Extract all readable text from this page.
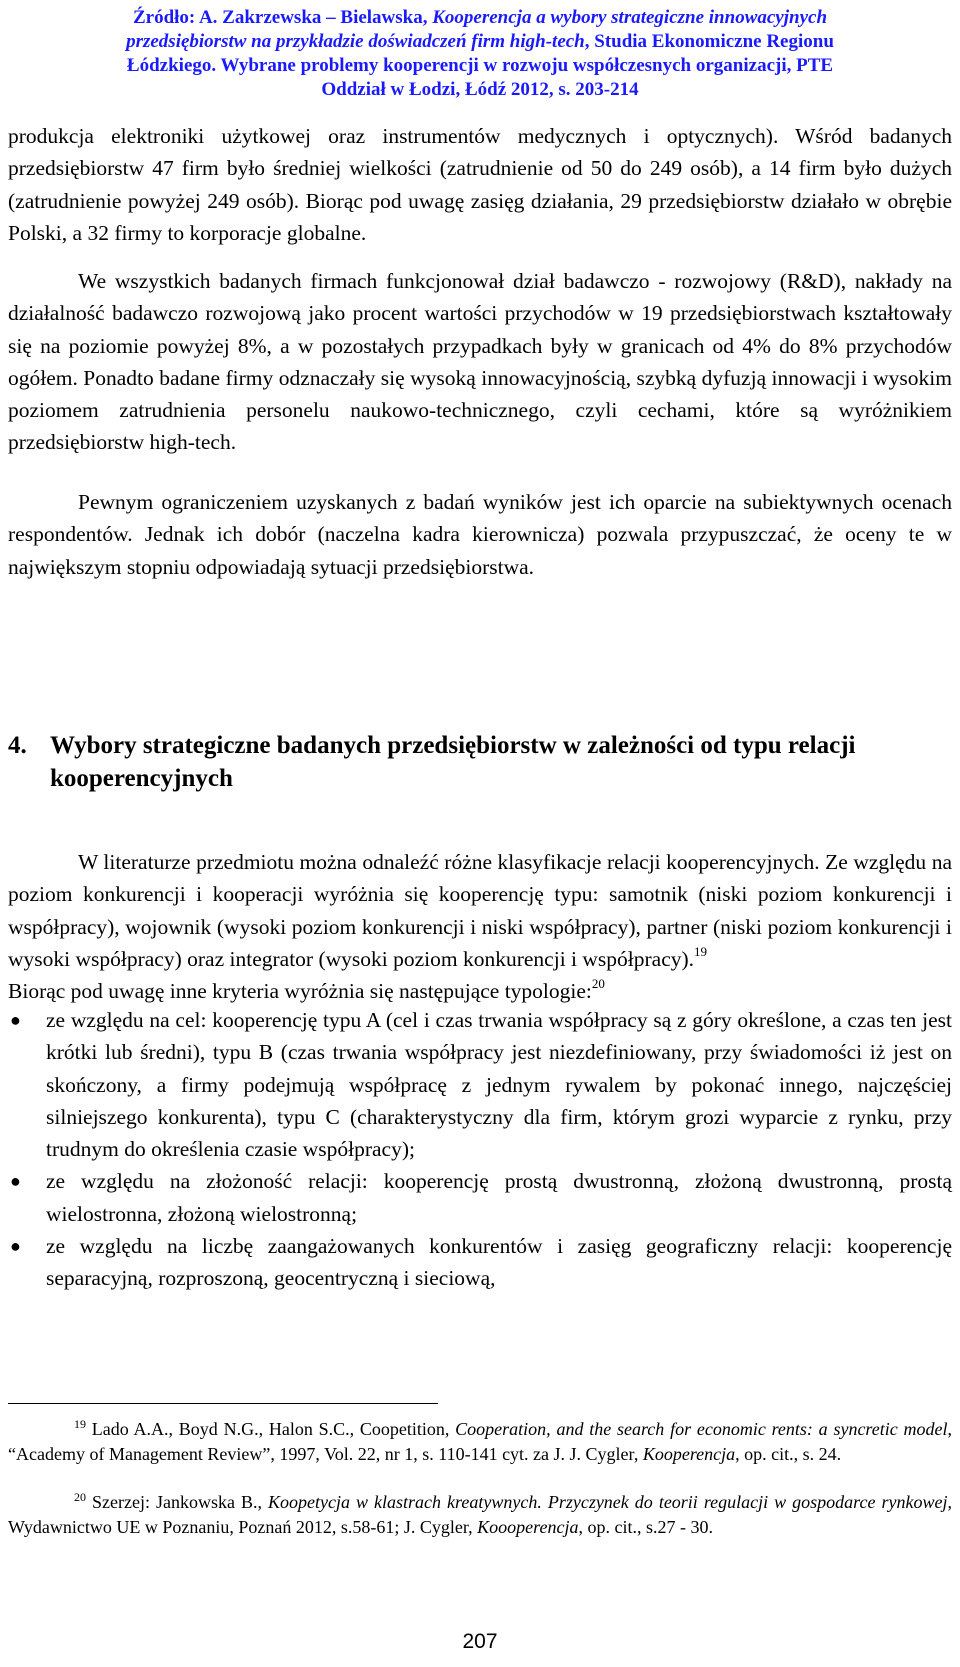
Źródło: A. Zakrzewska – Bielawska, Kooperencja a wybory strategiczne innowacyjnych
przedsiębiorstw na przykładzie doświadczeń firm high-tech, Studia Ekonomiczne Regionu
Łódzkiego. Wybrane problemy kooperencji w rozwoju współczesnych organizacji, PTE
Oddział w Łodzi, Łódź 2012, s. 203-214

produkcja elektroniki użytkowej oraz instrumentów medycznych i optycznych). Wśród badanych przedsiębiorstw 47 firm było średniej wielkości (zatrudnienie od 50 do 249 osób), a 14 firm było dużych (zatrudnienie powyżej 249 osób). Biorąc pod uwagę zasięg działania, 29 przedsiębiorstw działało w obrębie Polski, a 32 firmy to korporacje globalne.

We wszystkich badanych firmach funkcjonował dział badawczo - rozwojowy (R&D), nakłady na działalność badawczo rozwojową jako procent wartości przychodów w 19 przedsiębiorstwach kształtowały się na poziomie powyżej 8%, a w pozostałych przypadkach były w granicach od 4% do 8% przychodów ogółem. Ponadto badane firmy odznaczały się wysoką innowacyjnością, szybką dyfuzją innowacji i wysokim poziomem zatrudnienia personelu naukowo-technicznego, czyli cechami, które są wyróżnikiem przedsiębiorstw high-tech.

Pewnym ograniczeniem uzyskanych z badań wyników jest ich oparcie na subiektywnych ocenach respondentów. Jednak ich dobór (naczelna kadra kierownicza) pozwala przypuszczać, że oceny te w największym stopniu odpowiadają sytuacji przedsiębiorstwa.

4. Wybory strategiczne badanych przedsiębiorstw w zależności od typu relacji kooperencyjnych

W literaturze przedmiotu można odnaleźć różne klasyfikacje relacji kooperencyjnych. Ze względu na poziom konkurencji i kooperacji wyróżnia się kooperencję typu: samotnik (niski poziom konkurencji i współpracy), wojownik (wysoki poziom konkurencji i niski współpracy), partner (niski poziom konkurencji i wysoki współpracy) oraz integrator (wysoki poziom konkurencji i współpracy).$^{19}$

Biorąc pod uwagę inne kryteria wyróżnia się następujące typologie:$^{20}$

● ze względu na cel: kooperencję typu A (cel i czas trwania współpracy są z góry określone, a czas ten jest krótki lub średni), typu B (czas trwania współpracy jest niezdefiniowany, przy świadomości iż jest on skończony, a firmy podejmują współpracę z jednym rywalem by pokonać innego, najczęściej silniejszego konkurenta), typu C (charakterystyczny dla firm, którym grozi wyparcie z rynku, przy trudnym do określenia czasie współpracy);
● ze względu na złożoność relacji: kooperencję prostą dwustronną, złożoną dwustronną, prostą wielostronna, złożoną wielostronną;
● ze względu na liczbę zaangażowanych konkurentów i zasięg geograficzny relacji: kooperencję separacyjną, rozproszoną, geocentryczną i sieciową,

$^{19}$ Lado A.A., Boyd N.G., Halon S.C., Coopetition, Cooperation, and the search for economic rents: a syncretic model, “Academy of Management Review”, 1997, Vol. 22, nr 1, s. 110-141 cyt. za J. J. Cygler, Kooperencja, op. cit., s. 24.

$^{20}$ Szerzej: Jankowska B., Koopetycja w klastrach kreatywnych. Przyczynek do teorii regulacji w gospodarce rynkowej, Wydawnictwo UE w Poznaniu, Poznań 2012, s.58-61; J. Cygler, Koooperencja, op. cit., s.27 - 30.

207
